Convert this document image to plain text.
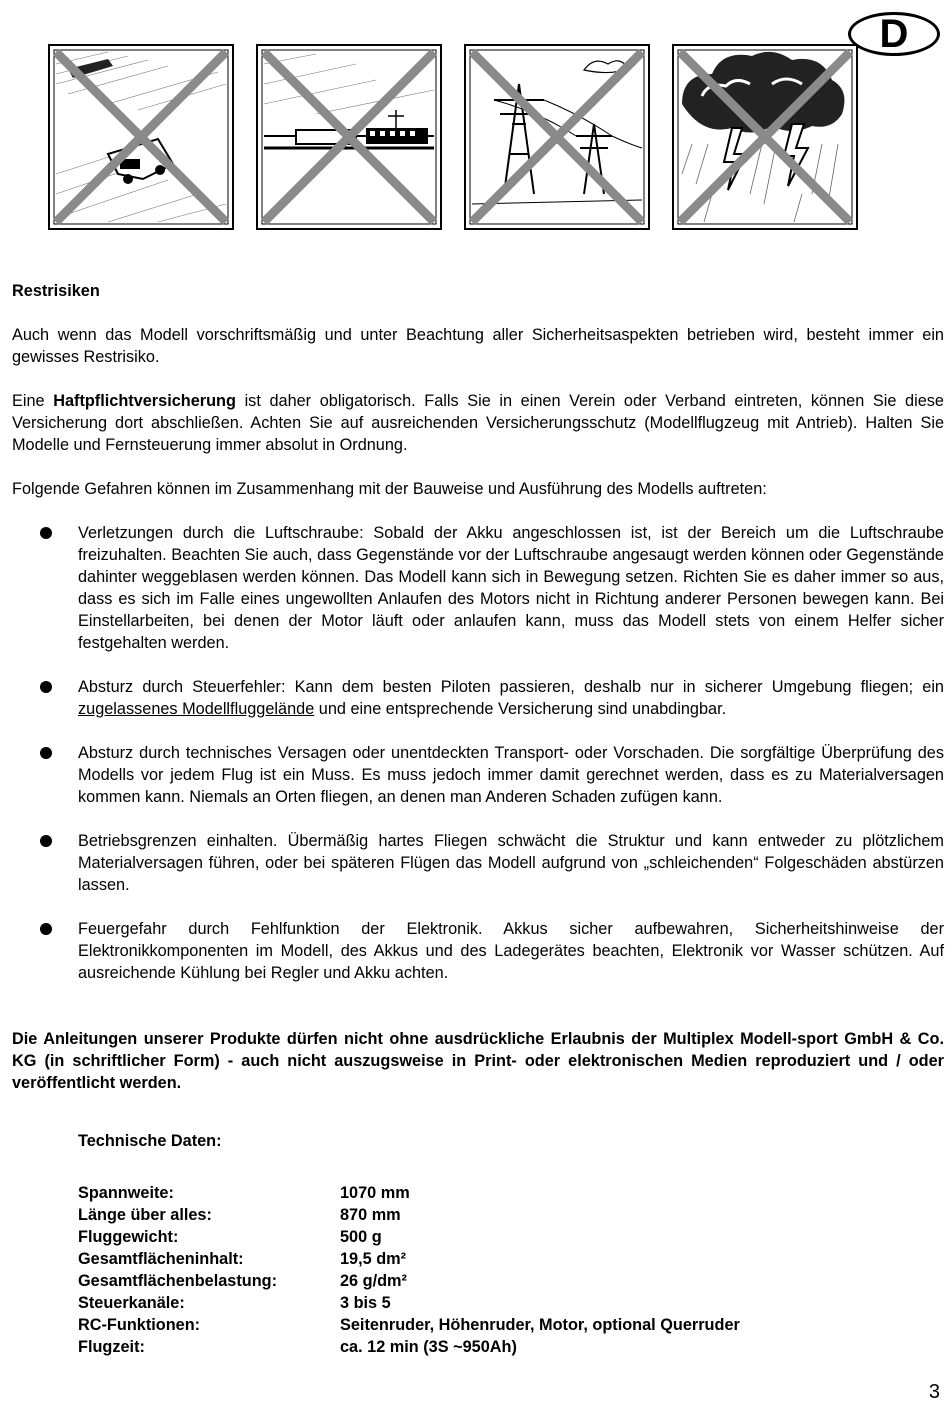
D

Restrisiken

Auch wenn das Modell vorschriftsmäßig und unter Beachtung aller Sicherheitsaspekten betrieben wird, besteht immer ein gewisses Restrisiko.

Eine Haftpflichtversicherung ist daher obligatorisch. Falls Sie in einen Verein oder Verband eintreten, können Sie diese Versicherung dort abschließen. Achten Sie auf ausreichenden Versicherungsschutz (Modellflugzeug mit Antrieb). Halten Sie Modelle und Fernsteuerung immer absolut in Ordnung.

Folgende Gefahren können im Zusammenhang mit der Bauweise und Ausführung des Modells auftreten:

Verletzungen durch die Luftschraube: Sobald der Akku angeschlossen ist, ist der Bereich um die Luftschraube freizuhalten. Beachten Sie auch, dass Gegenstände vor der Luftschraube angesaugt werden können oder Gegenstände dahinter weggeblasen werden können. Das Modell kann sich in Bewegung setzen. Richten Sie es daher immer so aus, dass es sich im Falle eines ungewollten Anlaufen des Motors nicht in Richtung anderer Personen bewegen kann. Bei Einstellarbeiten, bei denen der Motor läuft oder anlaufen kann, muss das Modell stets von einem Helfer sicher festgehalten werden.
Absturz durch Steuerfehler: Kann dem besten Piloten passieren, deshalb nur in sicherer Umgebung fliegen; ein zugelassenes Modellfluggelände und eine entsprechende Versicherung sind unabdingbar.
Absturz durch technisches Versagen oder unentdeckten Transport- oder Vorschaden. Die sorgfältige Überprüfung des Modells vor jedem Flug ist ein Muss. Es muss jedoch immer damit gerechnet werden, dass es zu Materialversagen kommen kann. Niemals an Orten fliegen, an denen man Anderen Schaden zufügen kann.
Betriebsgrenzen einhalten. Übermäßig hartes Fliegen schwächt die Struktur und kann entweder zu plötzlichem Materialversagen führen, oder bei späteren Flügen das Modell aufgrund von „schleichenden“ Folgeschäden abstürzen lassen.
Feuergefahr durch Fehlfunktion der Elektronik. Akkus sicher aufbewahren, Sicherheitshinweise der Elektronikkomponenten im Modell, des Akkus und des Ladegerätes beachten, Elektronik vor Wasser schützen. Auf ausreichende Kühlung bei Regler und Akku achten.

Die Anleitungen unserer Produkte dürfen nicht ohne ausdrückliche Erlaubnis der Multiplex Modell-sport GmbH & Co. KG (in schriftlicher Form) - auch nicht auszugsweise in Print- oder elektronischen Medien reproduziert und / oder veröffentlicht werden.

Technische Daten:

Spannweite:	1070 mm
Länge über alles:	870 mm
Fluggewicht:	500 g
Gesamtflächeninhalt:	19,5 dm²
Gesamtflächenbelastung:	26 g/dm²
Steuerkanäle:	3 bis 5
RC-Funktionen:	Seitenruder, Höhenruder, Motor, optional Querruder
Flugzeit:	ca. 12 min (3S ~950Ah)
3
